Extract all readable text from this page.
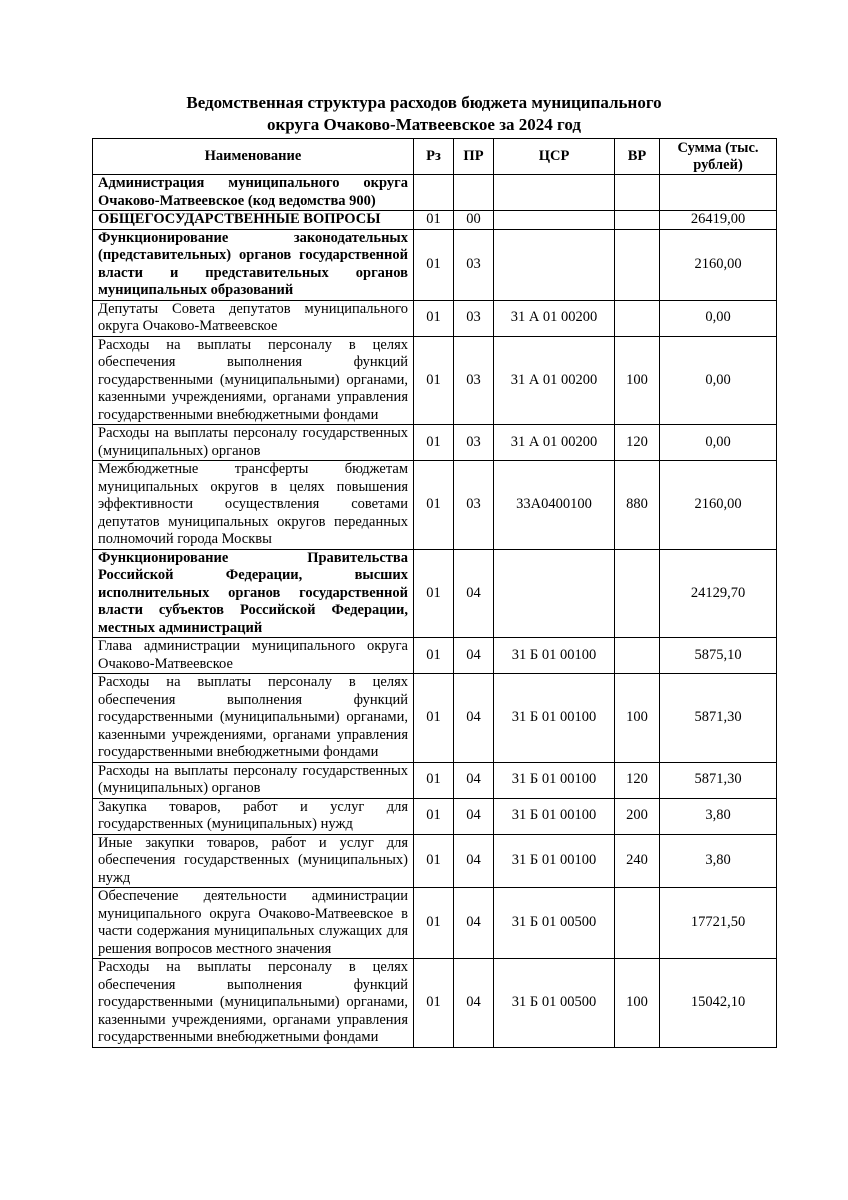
Ведомственная структура расходов бюджета муниципального
округа Очаково-Матвеевское за 2024 год
Наименование	Рз	ПР	ЦСР	ВР	Сумма (тыс. рублей)
Администрация муниципального округа Очаково-Матвеевское (код ведомства 900)					
ОБЩЕГОСУДАРСТВЕННЫЕ ВОПРОСЫ	01	00			26419,00
Функционирование законодательных (представительных) органов государственной власти и представительных органов муниципальных образований	01	03			2160,00
Депутаты Совета депутатов муниципального округа Очаково-Матвеевское	01	03	31 А 01 00200		0,00
Расходы на выплаты персоналу в целях обеспечения выполнения функций государственными (муниципальными) органами, казенными учреждениями, органами управления государственными внебюджетными фондами	01	03	31 А 01 00200	100	0,00
Расходы на выплаты персоналу государственных (муниципальных) органов	01	03	31 А 01 00200	120	0,00
Межбюджетные трансферты бюджетам муниципальных округов в целях повышения эффективности осуществления советами депутатов муниципальных округов переданных полномочий города Москвы	01	03	33А0400100	880	2160,00
Функционирование Правительства Российской Федерации, высших исполнительных органов государственной власти субъектов Российской Федерации, местных администраций	01	04			24129,70
Глава администрации муниципального округа Очаково-Матвеевское	01	04	31 Б 01 00100		5875,10
Расходы на выплаты персоналу в целях обеспечения выполнения функций государственными (муниципальными) органами, казенными учреждениями, органами управления государственными внебюджетными фондами	01	04	31 Б 01 00100	100	5871,30
Расходы на выплаты персоналу государственных (муниципальных) органов	01	04	31 Б 01 00100	120	5871,30
Закупка товаров, работ и услуг для государственных (муниципальных) нужд	01	04	31 Б 01 00100	200	3,80
Иные закупки товаров, работ и услуг для обеспечения государственных (муниципальных) нужд	01	04	31 Б 01 00100	240	3,80
Обеспечение деятельности администрации муниципального округа Очаково-Матвеевское в части содержания муниципальных служащих для решения вопросов местного значения	01	04	31 Б 01 00500		17721,50
Расходы на выплаты персоналу в целях обеспечения выполнения функций государственными (муниципальными) органами, казенными учреждениями, органами управления государственными внебюджетными фондами	01	04	31 Б 01 00500	100	15042,10
